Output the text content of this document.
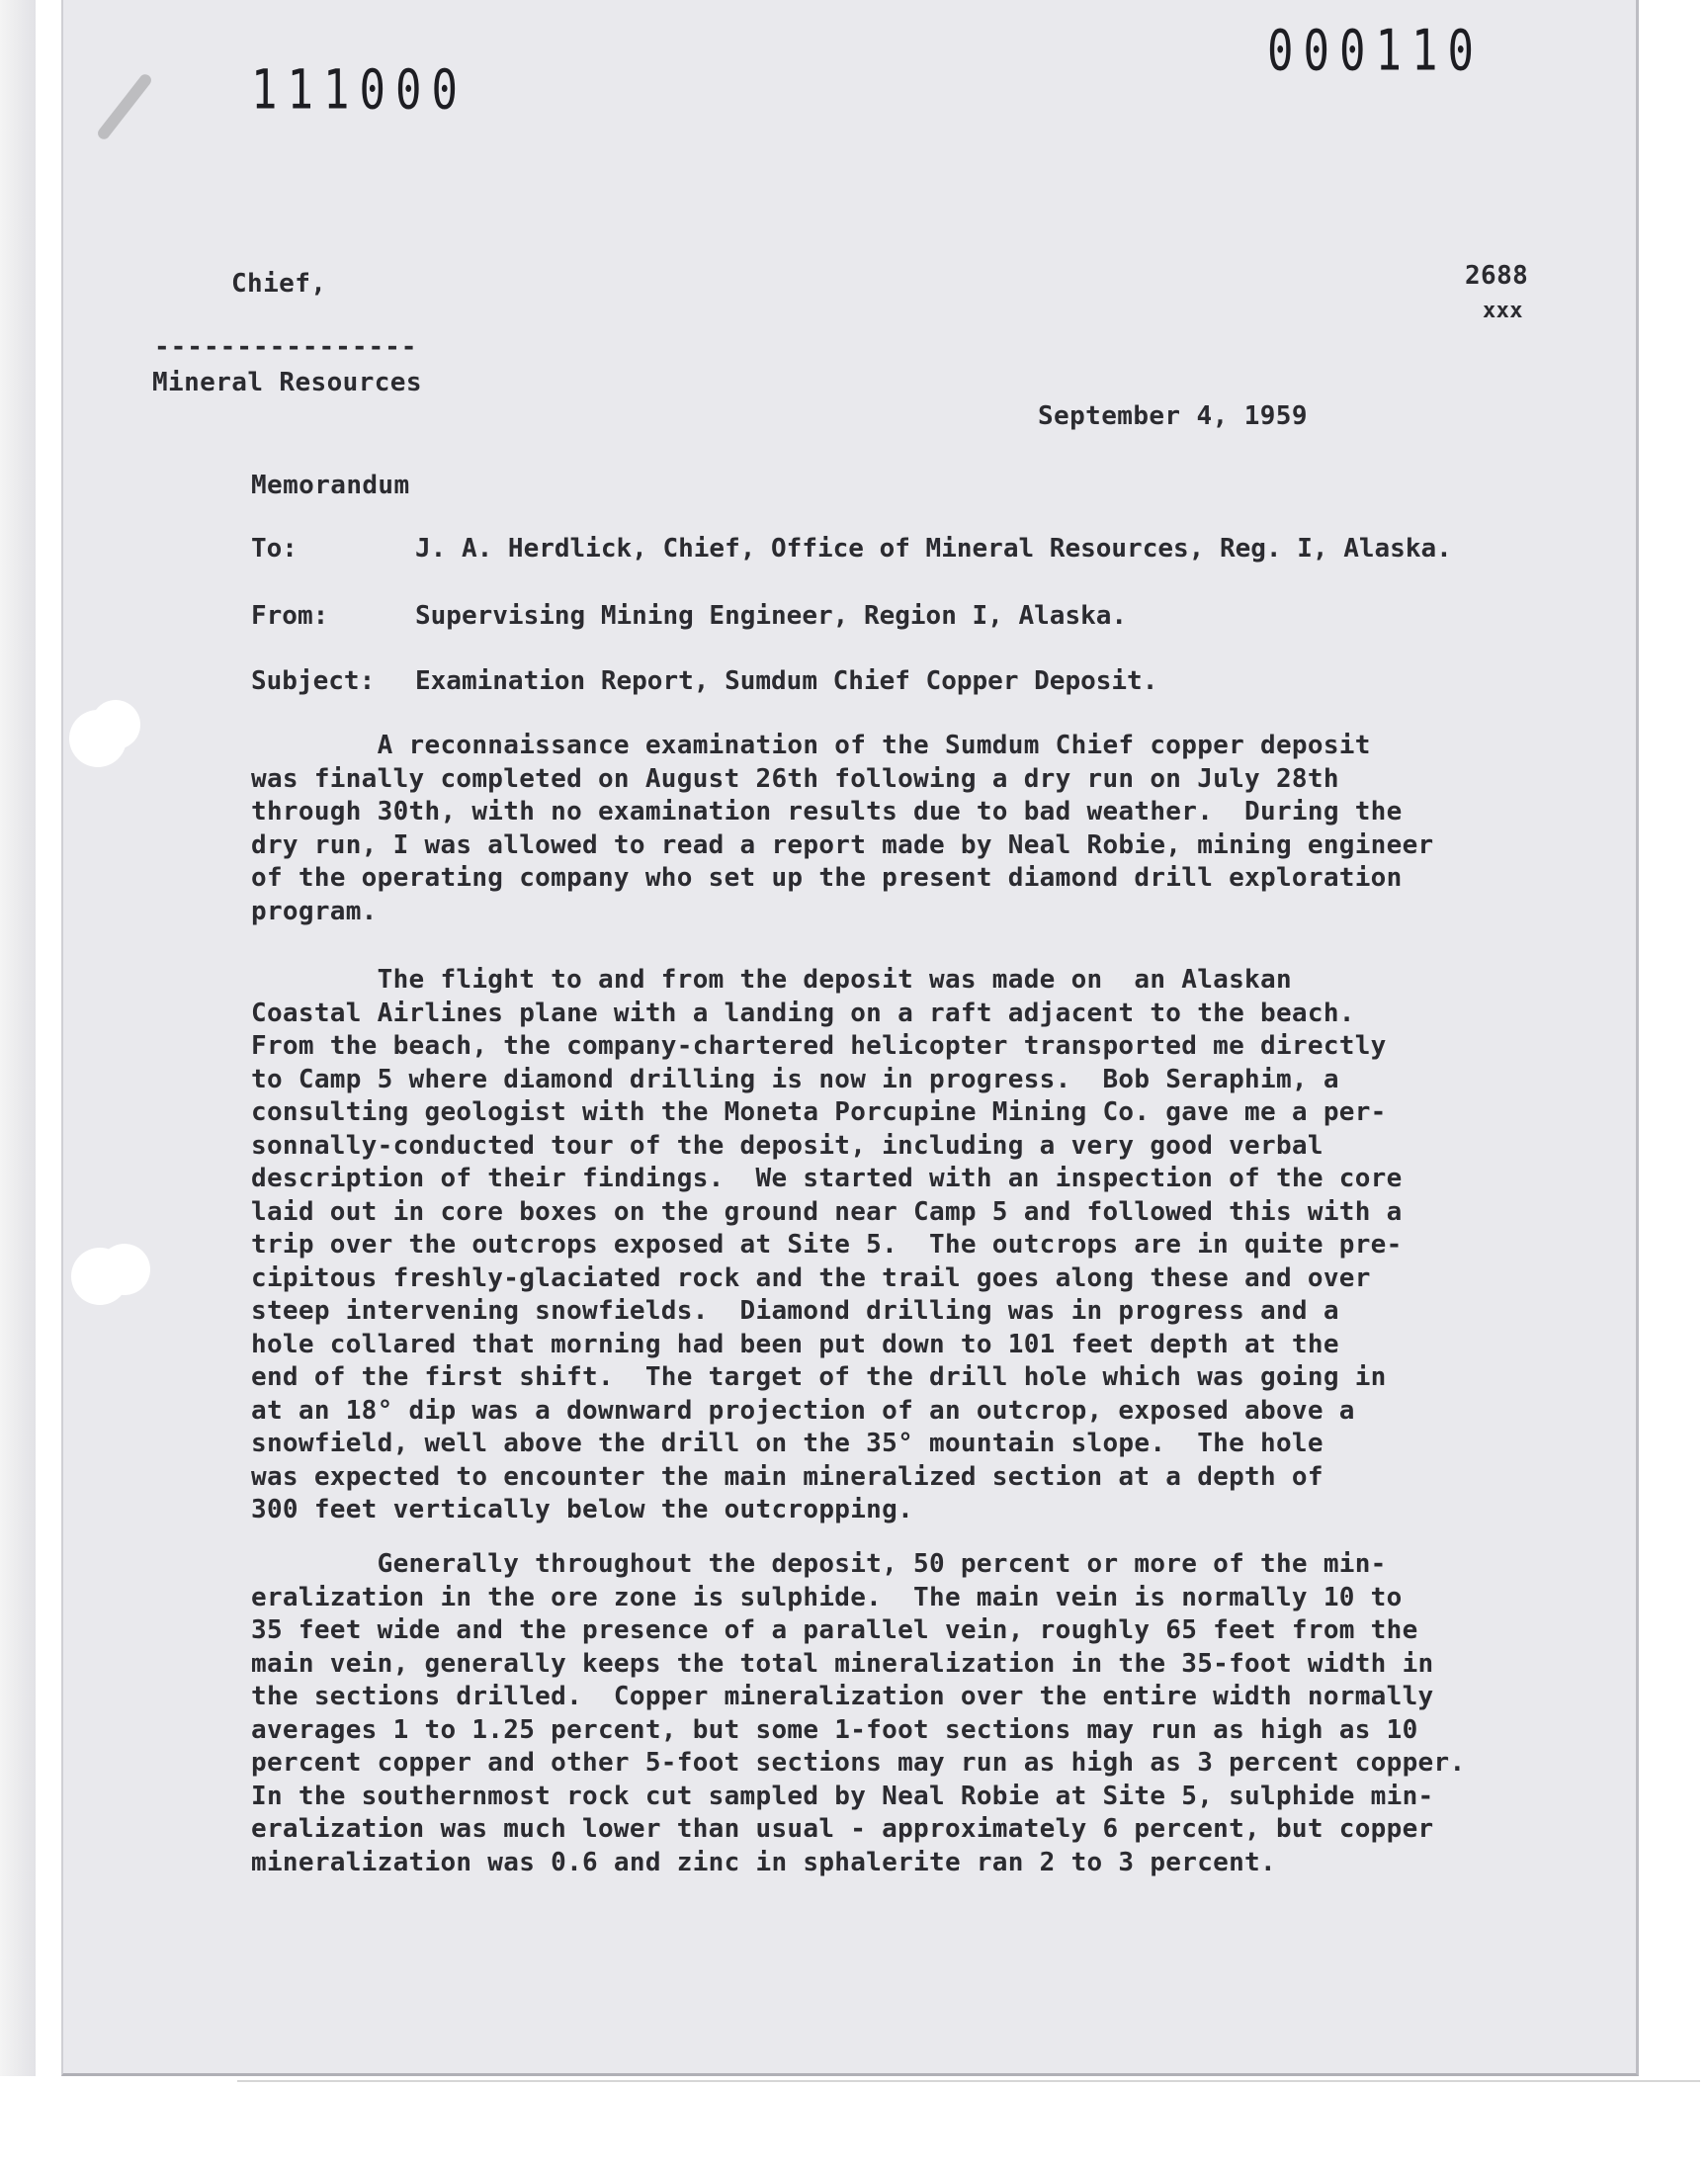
111000
000110
Chief,
----------------
Mineral Resources
2688
xxx
September 4, 1959
Memorandum
To:	J. A. Herdlick, Chief, Office of Mineral Resources, Reg. I, Alaska.
From:	Supervising Mining Engineer, Region I, Alaska.
Subject: Examination Report, Sumdum Chief Copper Deposit.

A reconnaissance examination of the Sumdum Chief copper deposit
was finally completed on August 26th following a dry run on July 28th
through 30th, with no examination results due to bad weather.  During the
dry run, I was allowed to read a report made by Neal Robie, mining engineer
of the operating company who set up the present diamond drill exploration
program.

The flight to and from the deposit was made on  an Alaskan
Coastal Airlines plane with a landing on a raft adjacent to the beach.
From the beach, the company-chartered helicopter transported me directly
to Camp 5 where diamond drilling is now in progress.  Bob Seraphim, a
consulting geologist with the Moneta Porcupine Mining Co. gave me a per-
sonnally-conducted tour of the deposit, including a very good verbal
description of their findings.  We started with an inspection of the core
laid out in core boxes on the ground near Camp 5 and followed this with a
trip over the outcrops exposed at Site 5.  The outcrops are in quite pre-
cipitous freshly-glaciated rock and the trail goes along these and over
steep intervening snowfields.  Diamond drilling was in progress and a
hole collared that morning had been put down to 101 feet depth at the
end of the first shift.  The target of the drill hole which was going in
at an 18° dip was a downward projection of an outcrop, exposed above a
snowfield, well above the drill on the 35° mountain slope.  The hole
was expected to encounter the main mineralized section at a depth of
300 feet vertically below the outcropping.

Generally throughout the deposit, 50 percent or more of the min-
eralization in the ore zone is sulphide.  The main vein is normally 10 to
35 feet wide and the presence of a parallel vein, roughly 65 feet from the
main vein, generally keeps the total mineralization in the 35-foot width in
the sections drilled.  Copper mineralization over the entire width normally
averages 1 to 1.25 percent, but some 1-foot sections may run as high as 10
percent copper and other 5-foot sections may run as high as 3 percent copper.
In the southernmost rock cut sampled by Neal Robie at Site 5, sulphide min-
eralization was much lower than usual - approximately 6 percent, but copper
mineralization was 0.6 and zinc in sphalerite ran 2 to 3 percent.
